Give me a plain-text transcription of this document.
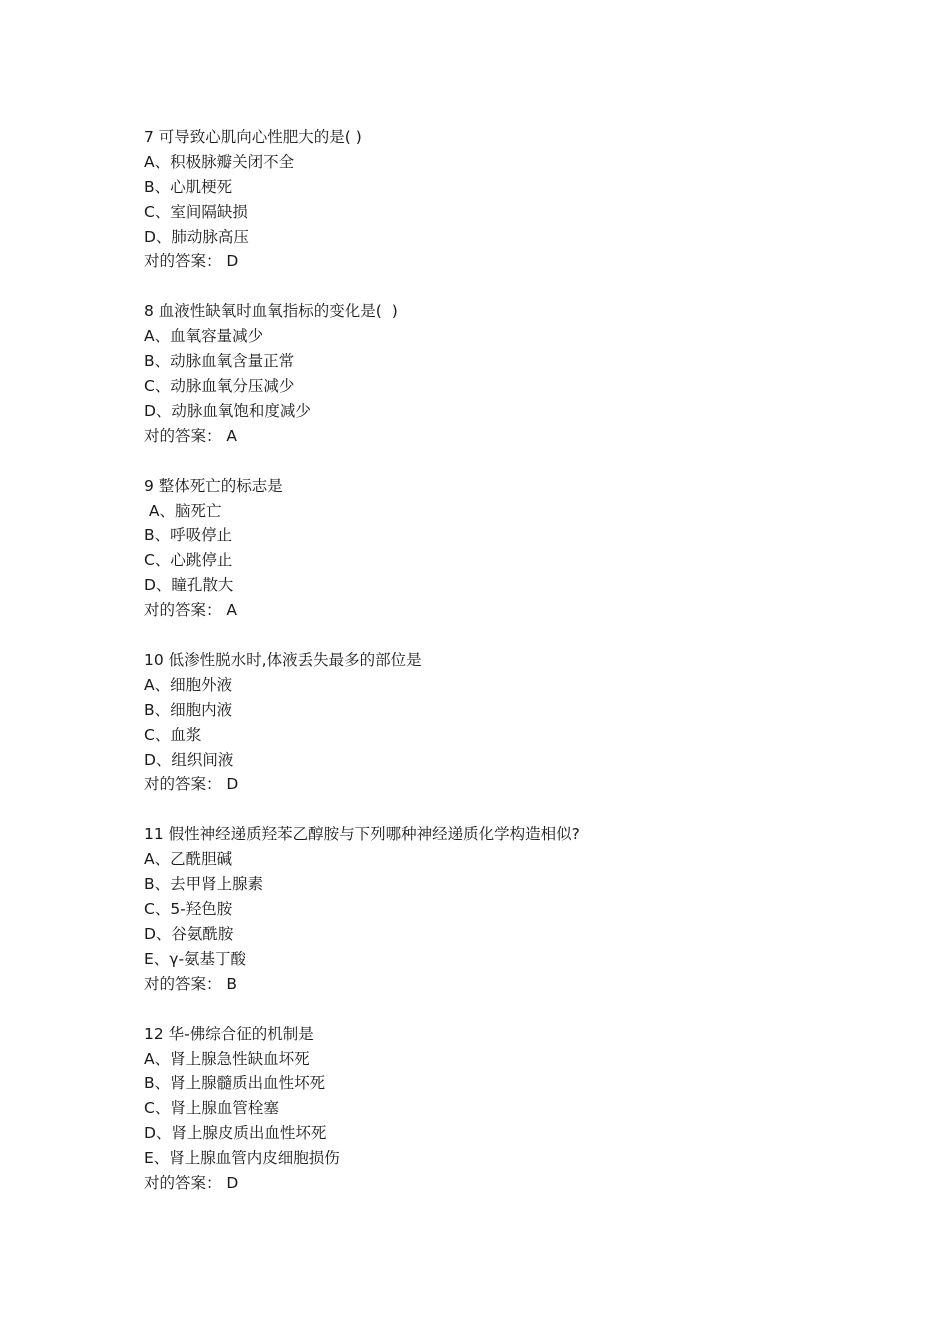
7 可导致心肌向心性肥大的是( )
A、积极脉瓣关闭不全
B、心肌梗死
C、室间隔缺损
D、肺动脉高压
对的答案： D
8 血液性缺氧时血氧指标的变化是(  )
A、血氧容量减少
B、动脉血氧含量正常
C、动脉血氧分压减少
D、动脉血氧饱和度减少
对的答案： A
9 整体死亡的标志是
A、脑死亡
B、呼吸停止
C、心跳停止
D、瞳孔散大
对的答案： A
10 低渗性脱水时,体液丢失最多的部位是
A、细胞外液
B、细胞内液
C、血浆
D、组织间液
对的答案： D
11 假性神经递质羟苯乙醇胺与下列哪种神经递质化学构造相似?
A、乙酰胆碱
B、去甲肾上腺素
C、5-羟色胺
D、谷氨酰胺
E、γ-氨基丁酸
对的答案： B
12 华-佛综合征的机制是
A、肾上腺急性缺血坏死
B、肾上腺髓质出血性坏死
C、肾上腺血管栓塞
D、肾上腺皮质出血性坏死
E、肾上腺血管内皮细胞损伤
对的答案： D
